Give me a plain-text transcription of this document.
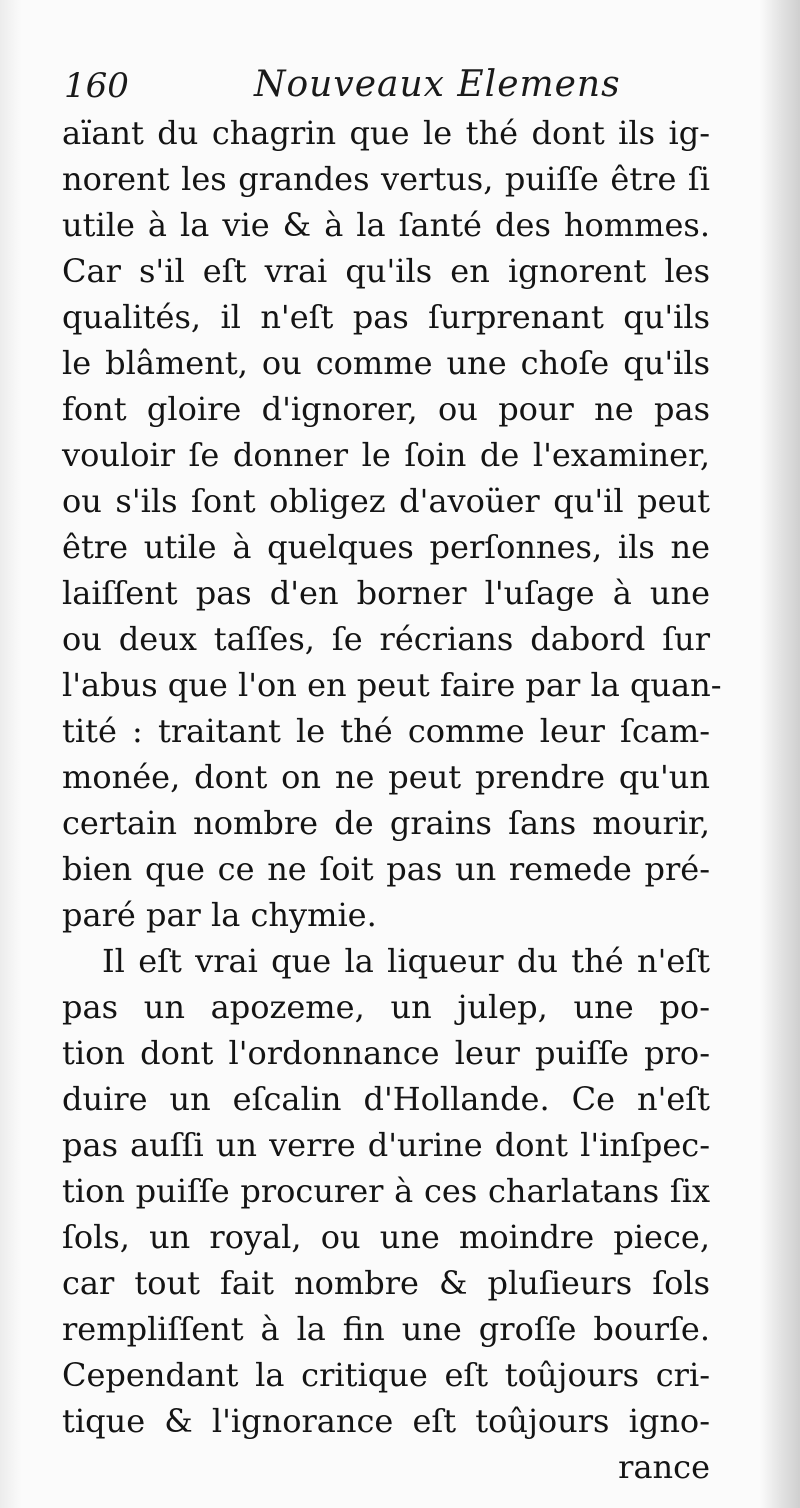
160	Nouveaux Elemens
aïant du chagrin que le thé dont ils ig-
norent les grandes vertus, puiſſe être ſi
utile à la vie & à la ſanté des hommes.
Car s'il eſt vrai qu'ils en ignorent les
qualités, il n'eſt pas ſurprenant qu'ils
le blâment, ou comme une choſe qu'ils
font gloire d'ignorer, ou pour ne pas
vouloir ſe donner le ſoin de l'examiner,
ou s'ils ſont obligez d'avoüer qu'il peut
être utile à quelques perſonnes, ils ne
laiſſent pas d'en borner l'uſage à une
ou deux taſſes, ſe récrians dabord ſur
l'abus que l'on en peut faire par la quan-
tité : traitant le thé comme leur ſcam-
monée, dont on ne peut prendre qu'un
certain nombre de grains ſans mourir,
bien que ce ne ſoit pas un remede pré-
paré par la chymie.
Il eſt vrai que la liqueur du thé n'eſt
pas un apozeme, un julep, une po-
tion dont l'ordonnance leur puiſſe pro-
duire un eſcalin d'Hollande. Ce n'eſt
pas auſſi un verre d'urine dont l'inſpec-
tion puiſſe procurer à ces charlatans ſix
ſols, un royal, ou une moindre piece,
car tout fait nombre & pluſieurs ſols
rempliſſent à la fin une groſſe bourſe.
Cependant la critique eſt toûjours cri-
tique & l'ignorance eſt toûjours igno-
rance
